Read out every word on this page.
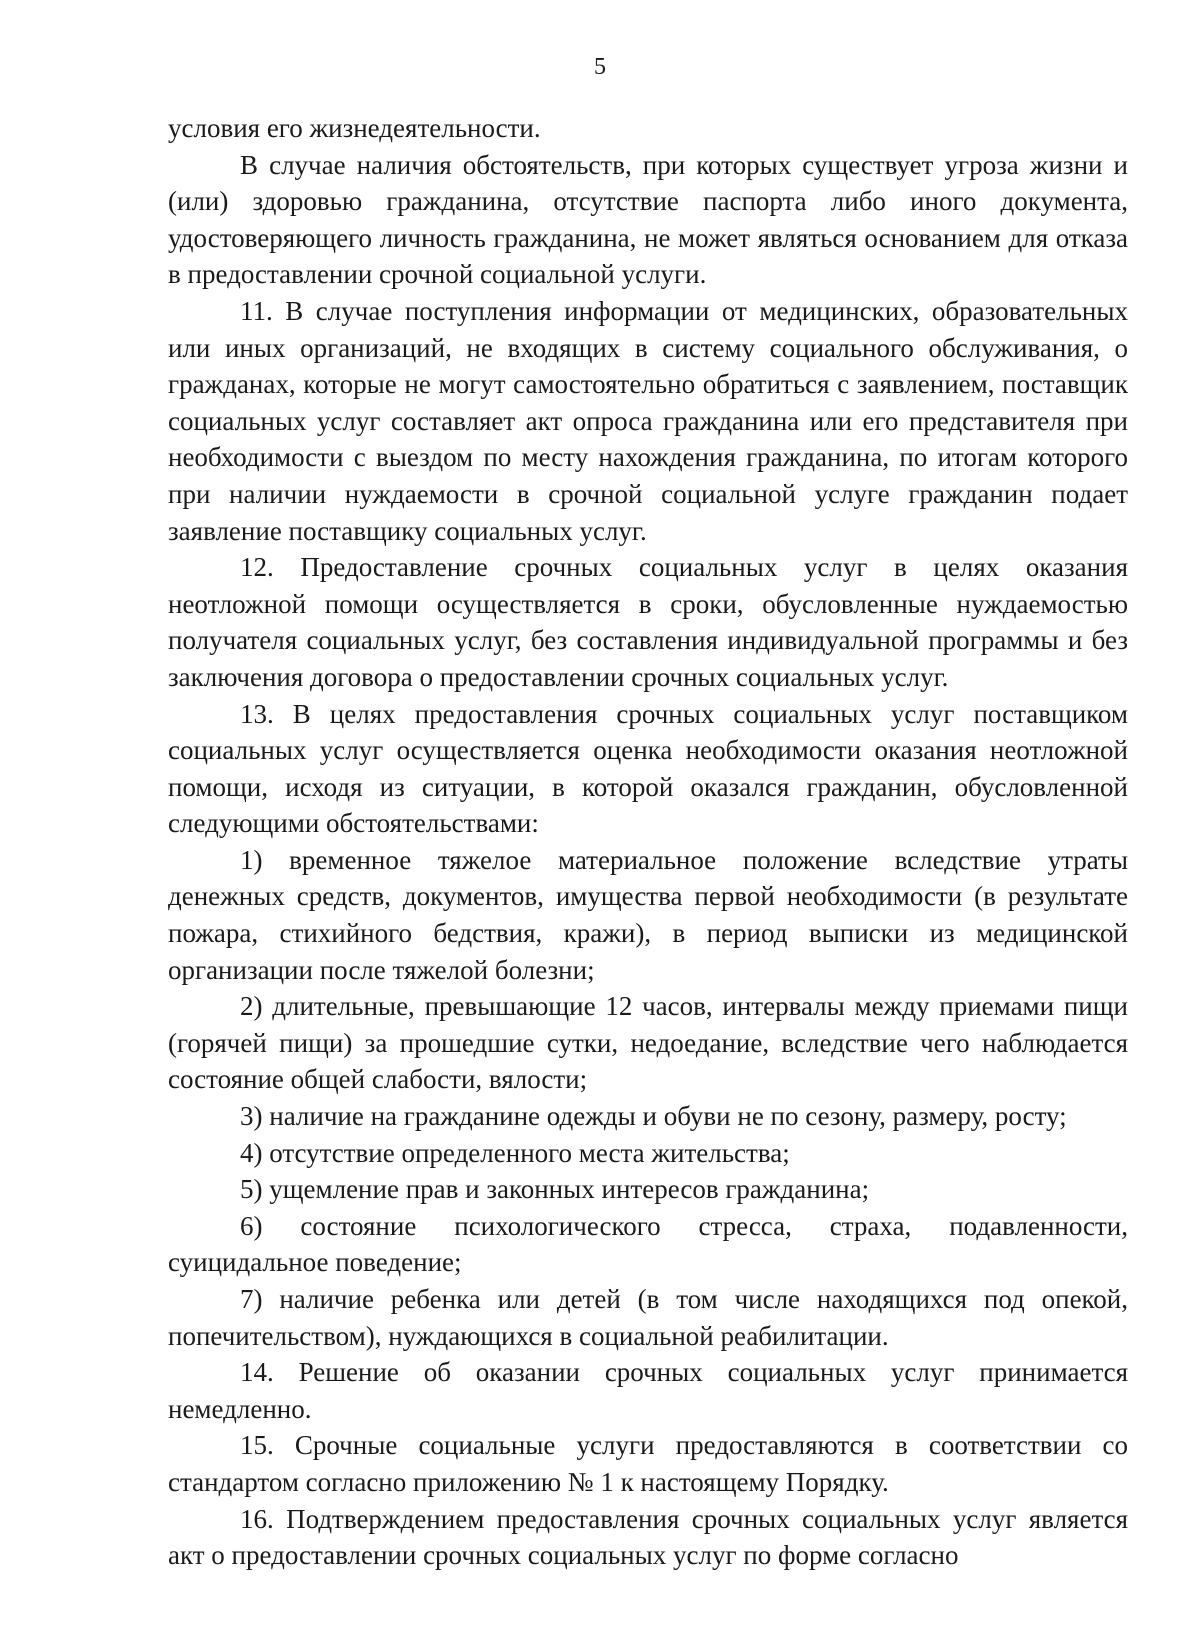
5

условия его жизнедеятельности.

В случае наличия обстоятельств, при которых существует угроза жизни и (или) здоровью гражданина, отсутствие паспорта либо иного документа, удостоверяющего личность гражданина, не может являться основанием для отказа в предоставлении срочной социальной услуги.

11. В случае поступления информации от медицинских, образовательных или иных организаций, не входящих в систему социального обслуживания, о гражданах, которые не могут самостоятельно обратиться с заявлением, поставщик социальных услуг составляет акт опроса гражданина или его представителя при необходимости с выездом по месту нахождения гражданина, по итогам которого при наличии нуждаемости в срочной социальной услуге гражданин подает заявление поставщику социальных услуг.

12. Предоставление срочных социальных услуг в целях оказания неотложной помощи осуществляется в сроки, обусловленные нуждаемостью получателя социальных услуг, без составления индивидуальной программы и без заключения договора о предоставлении срочных социальных услуг.

13. В целях предоставления срочных социальных услуг поставщиком социальных услуг осуществляется оценка необходимости оказания неотложной помощи, исходя из ситуации, в которой оказался гражданин, обусловленной следующими обстоятельствами:

1) временное тяжелое материальное положение вследствие утраты денежных средств, документов, имущества первой необходимости (в результате пожара, стихийного бедствия, кражи), в период выписки из медицинской организации после тяжелой болезни;

2) длительные, превышающие 12 часов, интервалы между приемами пищи (горячей пищи) за прошедшие сутки, недоедание, вследствие чего наблюдается состояние общей слабости, вялости;

3) наличие на гражданине одежды и обуви не по сезону, размеру, росту;

4) отсутствие определенного места жительства;

5) ущемление прав и законных интересов гражданина;

6) состояние психологического стресса, страха, подавленности, суицидальное поведение;

7) наличие ребенка или детей (в том числе находящихся под опекой, попечительством), нуждающихся в социальной реабилитации.

14. Решение об оказании срочных социальных услуг принимается немедленно.

15. Срочные социальные услуги предоставляются в соответствии со стандартом согласно приложению № 1 к настоящему Порядку.

16. Подтверждением предоставления срочных социальных услуг является акт о предоставлении срочных социальных услуг по форме согласно
